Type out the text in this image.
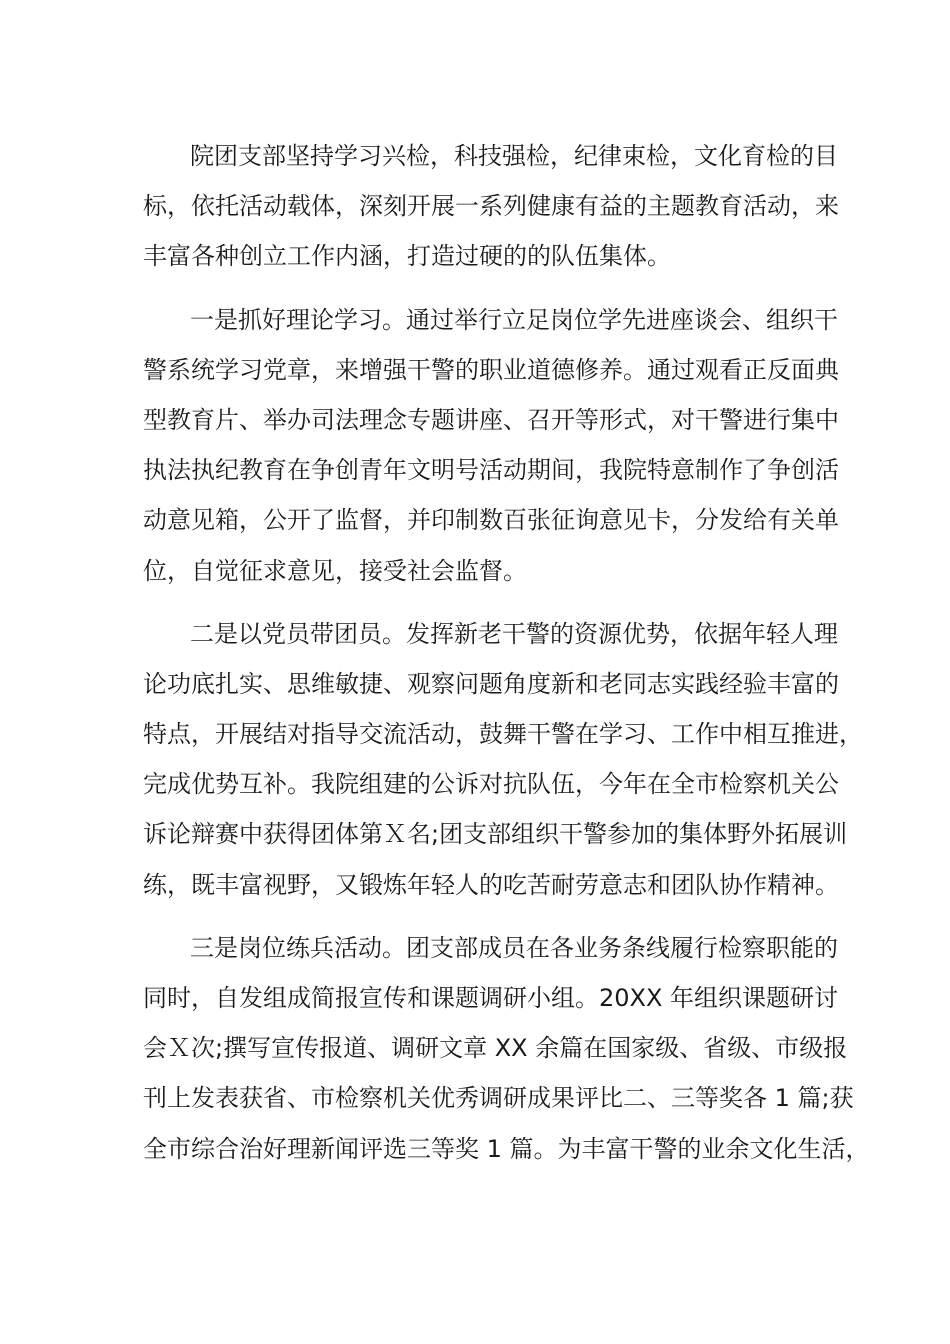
院团支部坚持学习兴检，科技强检，纪律束检，文化育检的目
标，依托活动载体，深刻开展一系列健康有益的主题教育活动，来
丰富各种创立工作内涵，打造过硬的的队伍集体。
一是抓好理论学习。通过举行立足岗位学先进座谈会、组织干
警系统学习党章，来增强干警的职业道德修养。通过观看正反面典
型教育片、举办司法理念专题讲座、召开等形式，对干警进行集中
执法执纪教育在争创青年文明号活动期间，我院特意制作了争创活
动意见箱，公开了监督，并印制数百张征询意见卡，分发给有关单
位，自觉征求意见，接受社会监督。
二是以党员带团员。发挥新老干警的资源优势，依据年轻人理
论功底扎实、思维敏捷、观察问题角度新和老同志实践经验丰富的
特点，开展结对指导交流活动，鼓舞干警在学习、工作中相互推进，
完成优势互补。我院组建的公诉对抗队伍，今年在全市检察机关公
诉论辩赛中获得团体第Ｘ名;团支部组织干警参加的集体野外拓展训
练，既丰富视野，又锻炼年轻人的吃苦耐劳意志和团队协作精神。
三是岗位练兵活动。团支部成员在各业务条线履行检察职能的
同时，自发组成简报宣传和课题调研小组。20XX 年组织课题研讨
会Ｘ次;撰写宣传报道、调研文章 XX 余篇在国家级、省级、市级报
刊上发表获省、市检察机关优秀调研成果评比二、三等奖各 1 篇;获
全市综合治好理新闻评选三等奖 1 篇。为丰富干警的业余文化生活，
